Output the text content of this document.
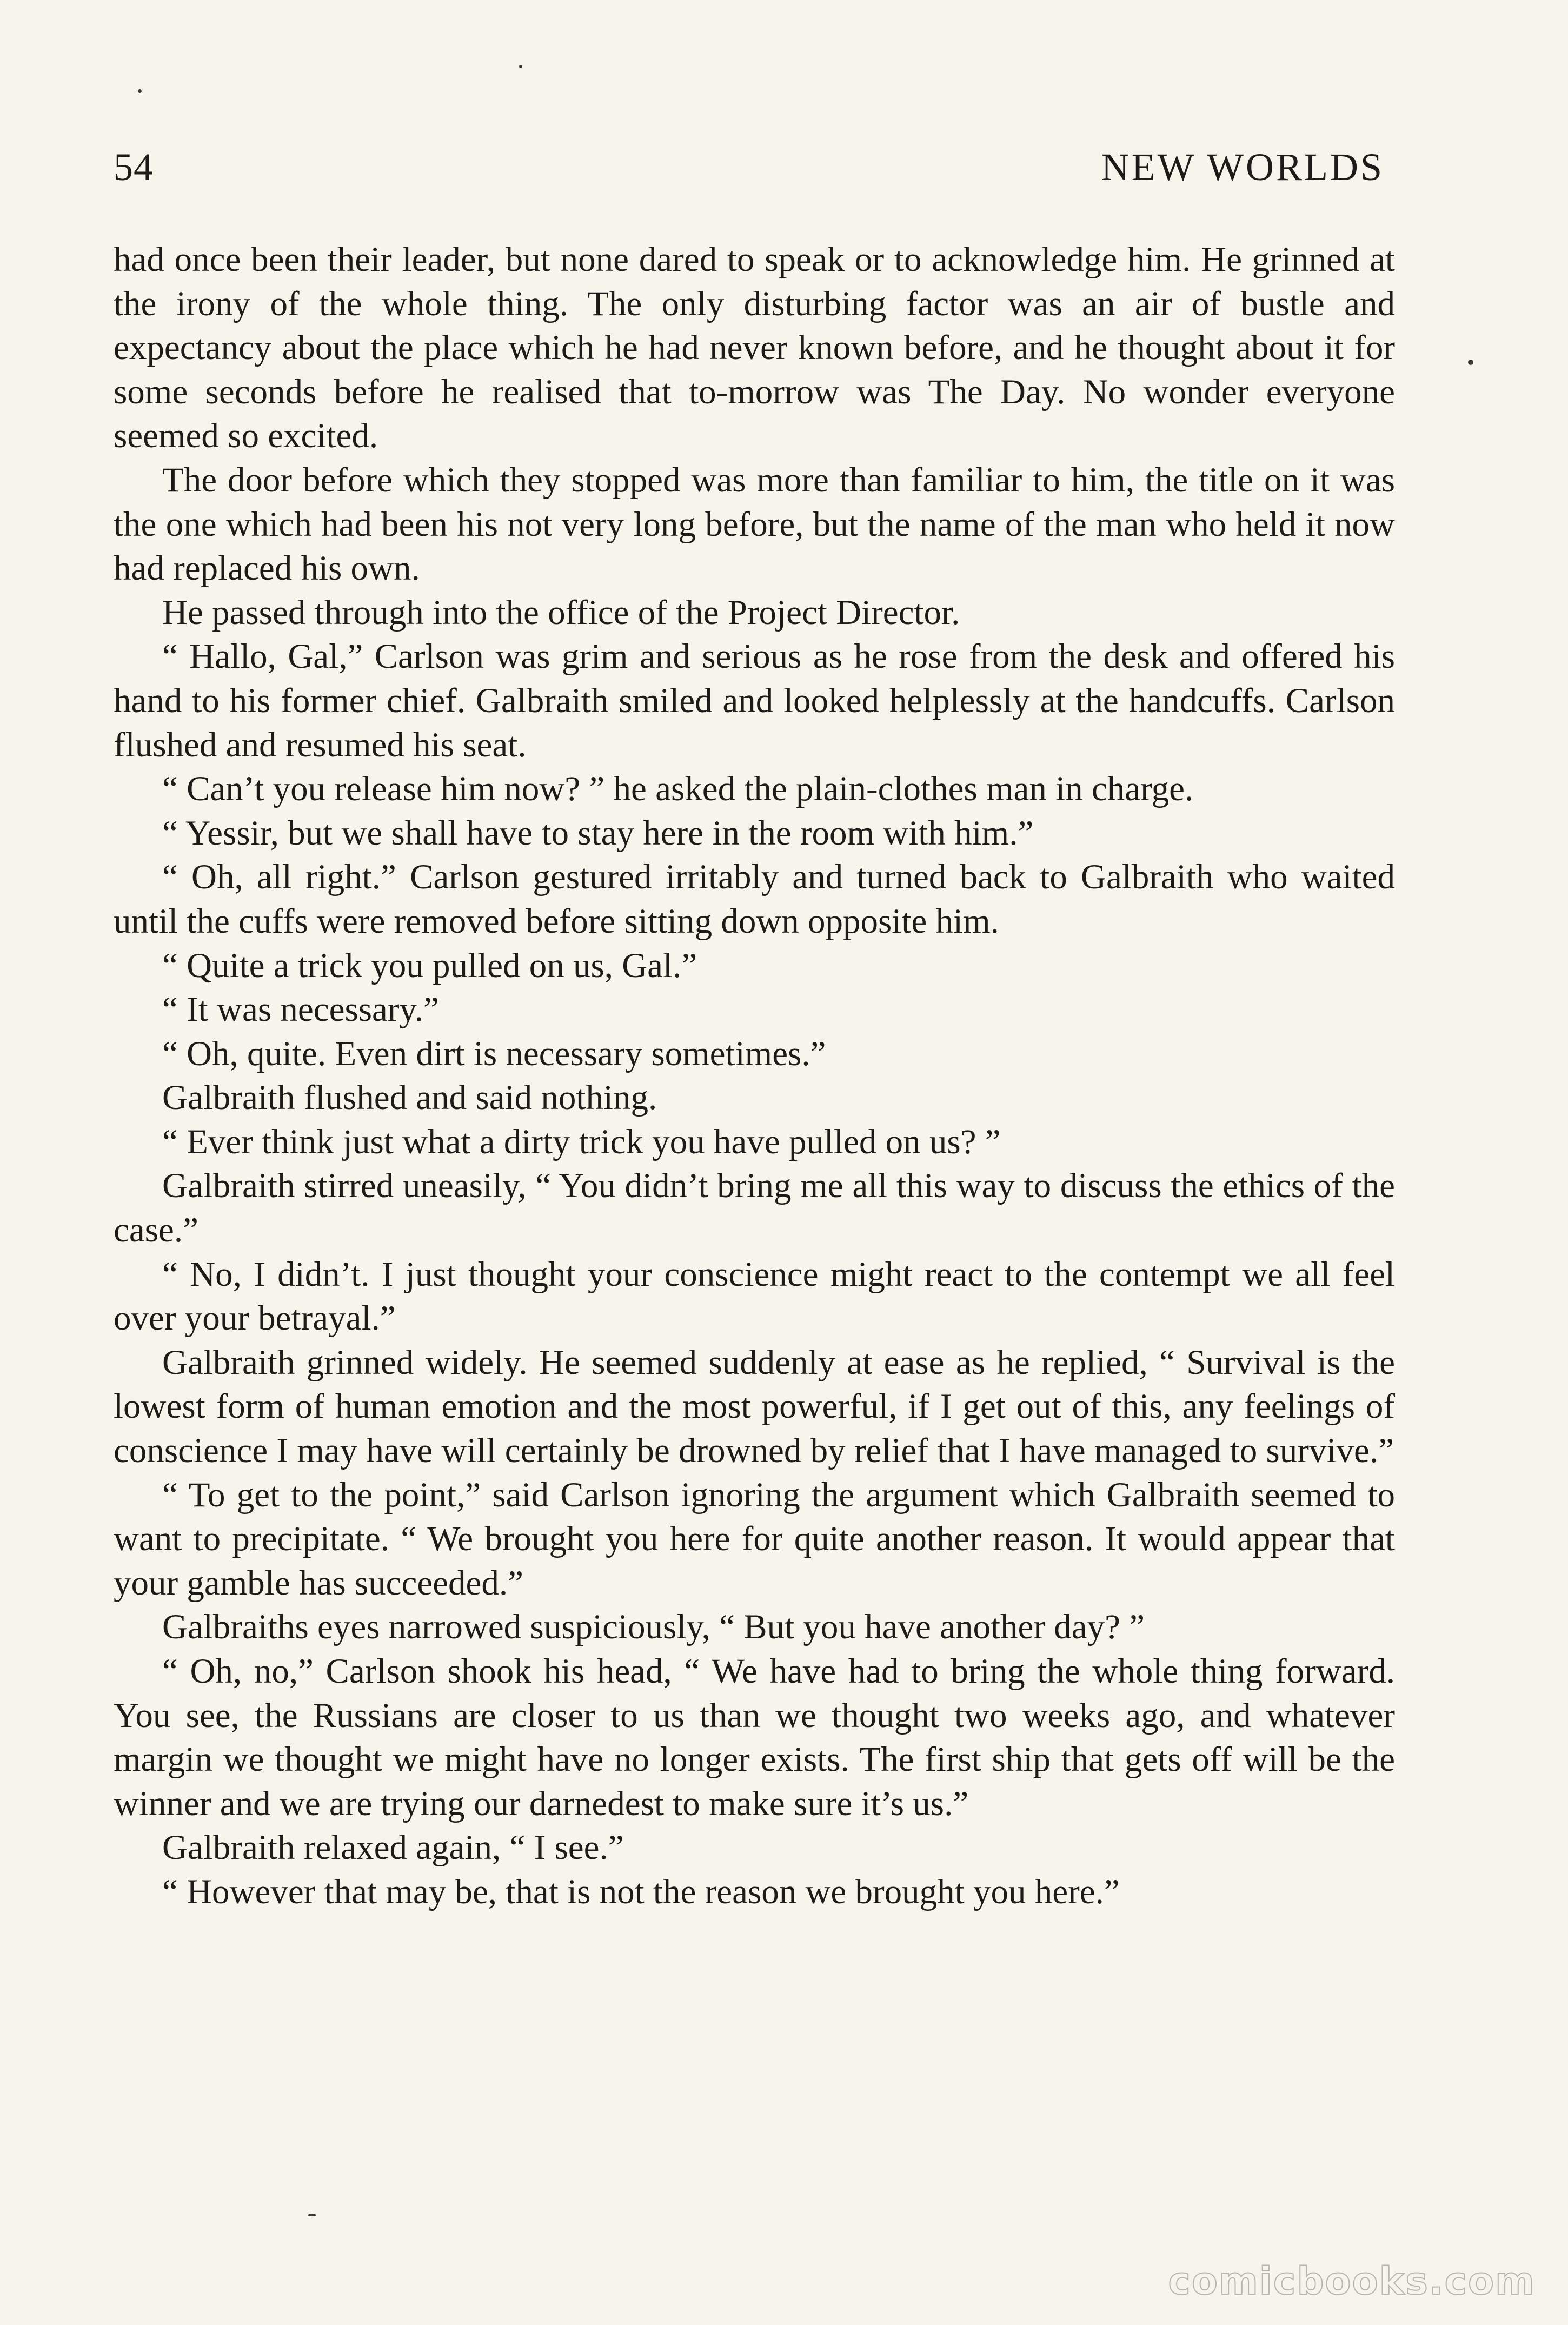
54	NEW WORLDS

had once been their leader, but none dared to speak or to acknowledge him. He grinned at the irony of the whole thing. The only disturbing factor was an air of bustle and expectancy about the place which he had never known before, and he thought about it for some seconds before he realised that to-morrow was The Day. No wonder everyone seemed so excited.

The door before which they stopped was more than familiar to him, the title on it was the one which had been his not very long before, but the name of the man who held it now had replaced his own.

He passed through into the office of the Project Director.

“ Hallo, Gal,” Carlson was grim and serious as he rose from the desk and offered his hand to his former chief. Galbraith smiled and looked helplessly at the handcuffs. Carlson flushed and resumed his seat.

“ Can’t you release him now? ” he asked the plain-clothes man in charge.

“ Yessir, but we shall have to stay here in the room with him.”

“ Oh, all right.” Carlson gestured irritably and turned back to Galbraith who waited until the cuffs were removed before sitting down opposite him.

“ Quite a trick you pulled on us, Gal.”

“ It was necessary.”

“ Oh, quite. Even dirt is necessary sometimes.”

Galbraith flushed and said nothing.

“ Ever think just what a dirty trick you have pulled on us? ”

Galbraith stirred uneasily, “ You didn’t bring me all this way to discuss the ethics of the case.”

“ No, I didn’t. I just thought your conscience might react to the contempt we all feel over your betrayal.”

Galbraith grinned widely. He seemed suddenly at ease as he replied, “ Survival is the lowest form of human emotion and the most powerful, if I get out of this, any feelings of conscience I may have will certainly be drowned by relief that I have managed to survive.”

“ To get to the point,” said Carlson ignoring the argument which Galbraith seemed to want to precipitate. “ We brought you here for quite another reason. It would appear that your gamble has succeeded.”

Galbraiths eyes narrowed suspiciously, “ But you have another day? ”

“ Oh, no,” Carlson shook his head, “ We have had to bring the whole thing forward. You see, the Russians are closer to us than we thought two weeks ago, and whatever margin we thought we might have no longer exists. The first ship that gets off will be the winner and we are trying our darnedest to make sure it’s us.”

Galbraith relaxed again, “ I see.”

“ However that may be, that is not the reason we brought you here.”

comicbooks.com
